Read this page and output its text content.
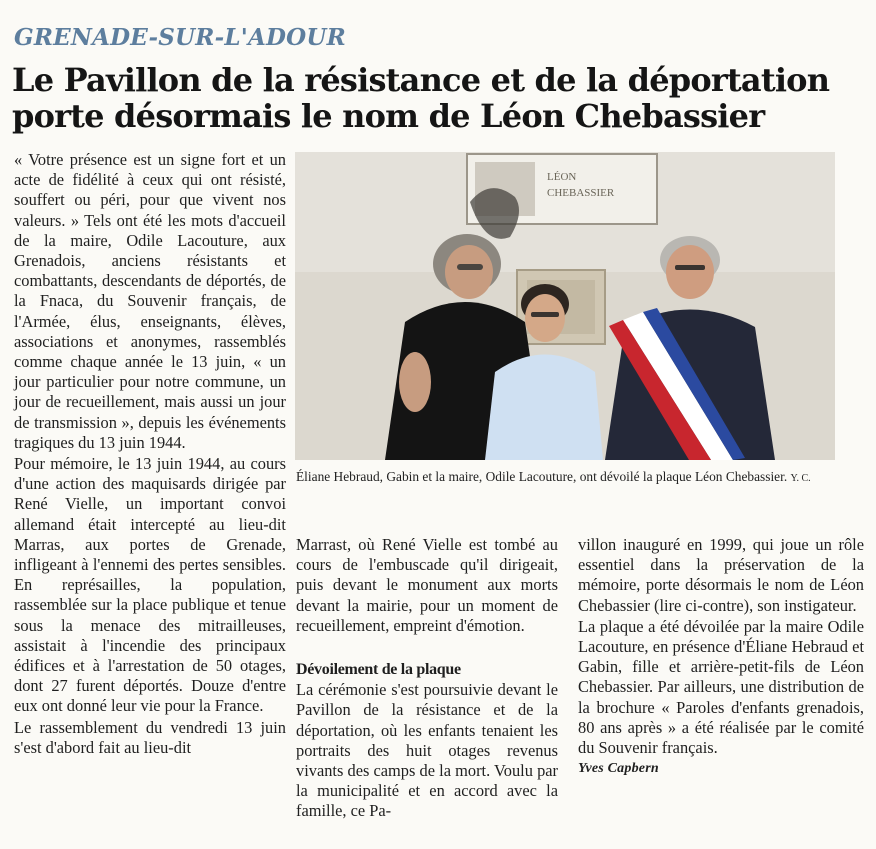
GRENADE-SUR-L'ADOUR
Le Pavillon de la résistance et de la déportation
porte désormais le nom de Léon Chebassier

« Votre présence est un signe fort et un acte de fidélité à ceux qui ont résisté, souffert ou péri, pour que vivent nos valeurs. » Tels ont été les mots d'accueil de la maire, Odile Lacouture, aux Grenadois, anciens résistants et combattants, descendants de déportés, de la Fnaca, du Souvenir français, de l'Armée, élus, enseignants, élèves, associations et anonymes, rassemblés comme chaque année le 13 juin, « un jour particulier pour notre commune, un jour de recueillement, mais aussi un jour de transmission », depuis les événements tragiques du 13 juin 1944.

Pour mémoire, le 13 juin 1944, au cours d'une action des maquisards dirigée par René Vielle, un important convoi allemand était intercepté au lieu-dit Marras, aux portes de Grenade, infligeant à l'ennemi des pertes sensibles. En représailles, la population, rassemblée sur la place publique et tenue sous la menace des mitrailleuses, assistait à l'incendie des principaux édifices et à l'arrestation de 50 otages, dont 27 furent déportés. Douze d'entre eux ont donné leur vie pour la France.

Le rassemblement du vendredi 13 juin s'est d'abord fait au lieu-dit

LÉON
CHEBASSIER
Éliane Hebraud, Gabin et la maire, Odile Lacouture, ont dévoilé la plaque Léon Chebassier. Y. C.

Marrast, où René Vielle est tombé au cours de l'embuscade qu'il dirigeait, puis devant le monument aux morts devant la mairie, pour un moment de recueillement, empreint d'émotion.

Dévoilement de la plaque

La cérémonie s'est poursuivie devant le Pavillon de la résistance et de la déportation, où les enfants tenaient les portraits des huit otages revenus vivants des camps de la mort. Voulu par la municipalité et en accord avec la famille, ce Pa-

villon inauguré en 1999, qui joue un rôle essentiel dans la préservation de la mémoire, porte désormais le nom de Léon Chebassier (lire ci-contre), son instigateur.

La plaque a été dévoilée par la maire Odile Lacouture, en présence d'Éliane Hebraud et Gabin, fille et arrière-petit-fils de Léon Chebassier. Par ailleurs, une distribution de la brochure « Paroles d'enfants grenadois, 80 ans après » a été réalisée par le comité du Souvenir français.

Yves Capbern
